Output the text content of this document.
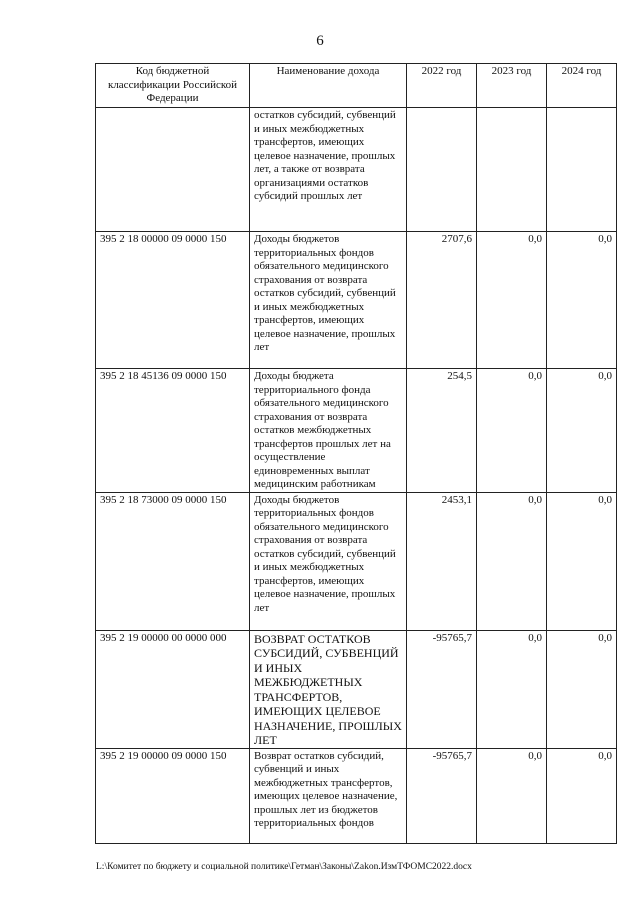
6
Код бюджетной классификации Российской Федерации	Наименование дохода	2022 год	2023 год	2024 год
	остатков субсидий, субвенций и иных межбюджетных трансфертов, имеющих целевое назначение, прошлых лет, а также от возврата организациями остатков субсидий прошлых лет			
395 2 18 00000 09 0000 150	Доходы бюджетов территориальных фондов обязательного медицинского страхования от возврата остатков субсидий, субвенций и иных межбюджетных трансфертов, имеющих целевое назначение, прошлых лет	2707,6	0,0	0,0
395 2 18 45136 09 0000 150	Доходы бюджета территориального фонда обязательного медицинского страхования от возврата остатков межбюджетных трансфертов прошлых лет на осуществление единовременных выплат медицинским работникам	254,5	0,0	0,0
395 2 18 73000 09 0000 150	Доходы бюджетов территориальных фондов обязательного медицинского страхования от возврата остатков субсидий, субвенций и иных межбюджетных трансфертов, имеющих целевое назначение, прошлых лет	2453,1	0,0	0,0
395 2 19 00000 00 0000 000	ВОЗВРАТ ОСТАТКОВ СУБСИДИЙ, СУБВЕНЦИЙ И ИНЫХ МЕЖБЮДЖЕТНЫХ ТРАНСФЕРТОВ, ИМЕЮЩИХ ЦЕЛЕВОЕ НАЗНАЧЕНИЕ, ПРОШЛЫХ ЛЕТ	-95765,7	0,0	0,0
395 2 19 00000 09 0000 150	Возврат остатков субсидий, субвенций и иных межбюджетных трансфертов, имеющих целевое назначение, прошлых лет из бюджетов территориальных фондов	-95765,7	0,0	0,0
L:\Комитет по бюджету и социальной политике\Гетман\Законы\Zakon.ИзмТФОМС2022.docx
